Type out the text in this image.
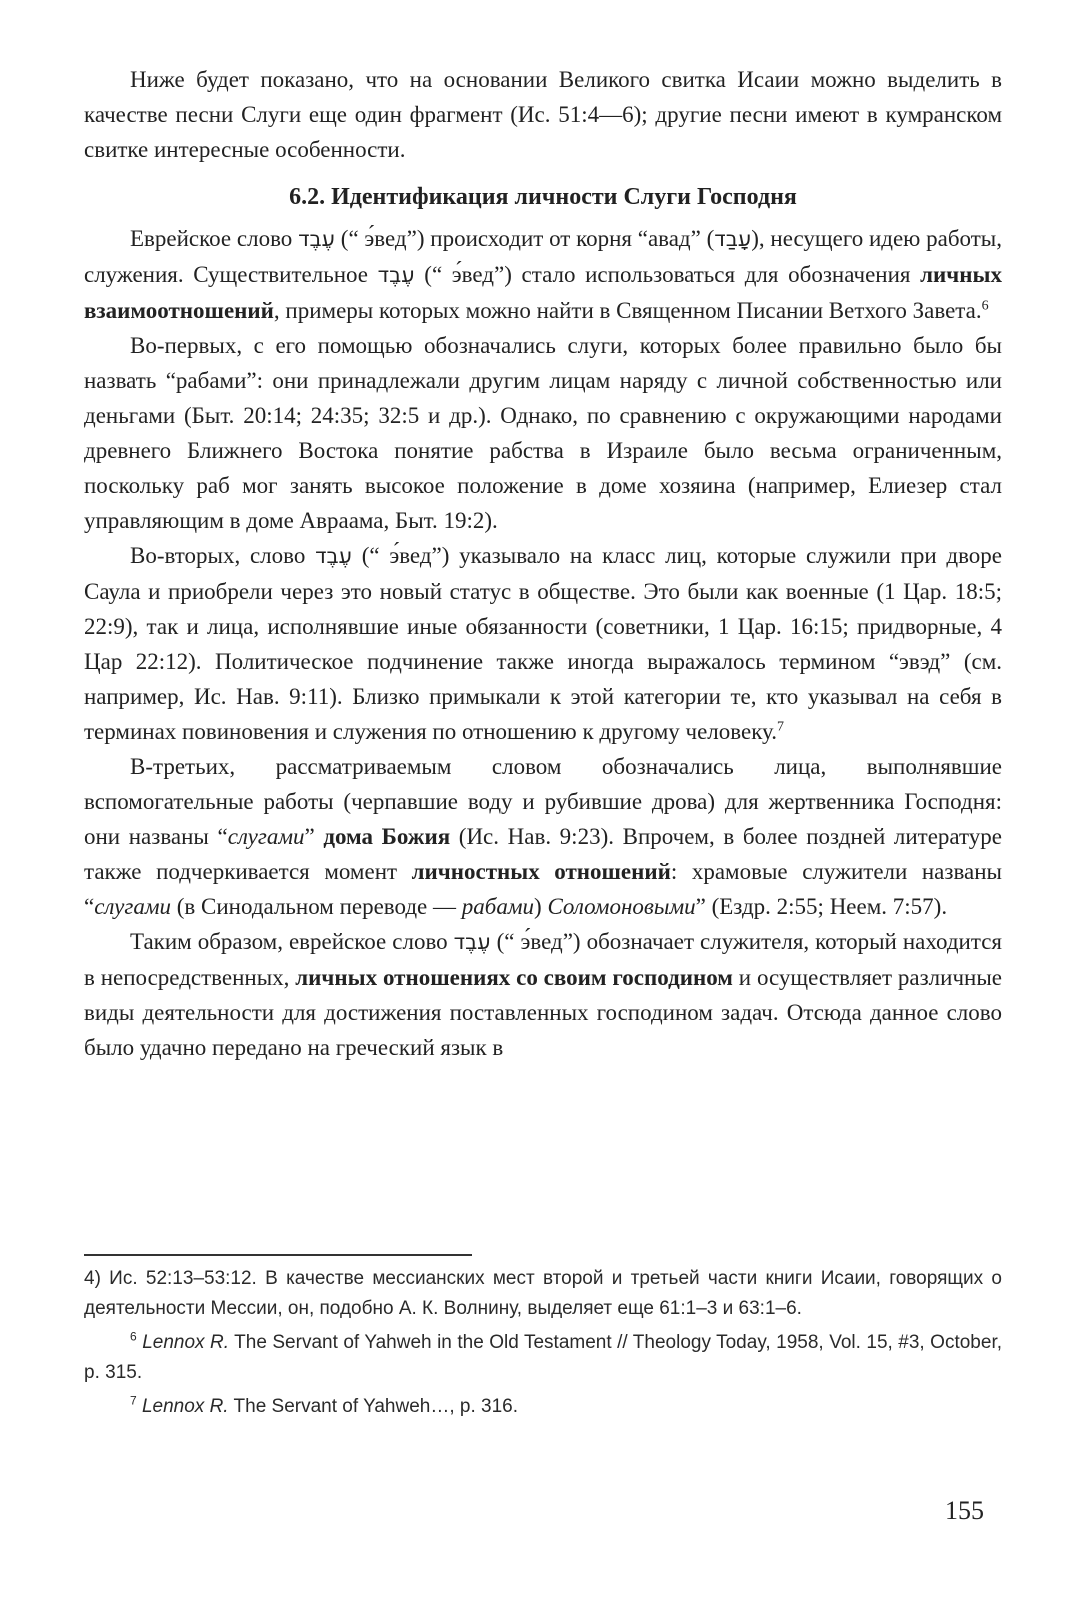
Ниже будет показано, что на основании Великого свитка Исаии можно выделить в качестве песни Слуги еще один фрагмент (Ис. 51:4—6); другие песни имеют в кумранском свитке интересные особенности.

6.2. Идентификация личности Слуги Господня

Еврейское слово עֶבֶד (“ э́вед”) происходит от корня “авад” (עָבַד), несущего идею работы, служения. Существительное עֶבֶד (“ э́вед”) стало использоваться для обозначения личных взаимоотношений, примеры которых можно найти в Священном Писании Ветхого Завета.$^6$

Во-первых, с его помощью обозначались слуги, которых более правильно было бы назвать “рабами”: они принадлежали другим лицам наряду с личной собственностью или деньгами (Быт. 20:14; 24:35; 32:5 и др.). Однако, по сравнению с окружающими народами древнего Ближнего Востока понятие рабства в Израиле было весьма ограниченным, поскольку раб мог занять высокое положение в доме хозяина (например, Елиезер стал управляющим в доме Авраама, Быт. 19:2).

Во-вторых, слово עֶבֶד (“ э́вед”) указывало на класс лиц, которые служили при дворе Саула и приобрели через это новый статус в обществе. Это были как военные (1 Цар. 18:5; 22:9), так и лица, исполнявшие иные обязанности (советники, 1 Цар. 16:15; придворные, 4 Цар 22:12). Политическое подчинение также иногда выражалось термином “эвэд” (см. например, Ис. Нав. 9:11). Близко примыкали к этой категории те, кто указывал на себя в терминах повиновения и служения по отношению к другому человеку.$^7$

В-третьих, рассматриваемым словом обозначались лица, выполнявшие вспомогательные работы (черпавшие воду и рубившие дрова) для жертвенника Господня: они названы “слугами” дома Божия (Ис. Нав. 9:23). Впрочем, в более поздней литературе также подчеркивается момент личностных отношений: храмовые служители названы “слугами (в Синодальном переводе — рабами) Соломоновыми” (Ездр. 2:55; Неем. 7:57).

Таким образом, еврейское слово עֶבֶד (“ э́вед”) обозначает служителя, который находится в непосредственных, личных отношениях со своим господином и осуществляет различные виды деятельности для достижения поставленных господином задач. Отсюда данное слово было удачно передано на греческий язык в

4) Ис. 52:13–53:12. В качестве мессианских мест второй и третьей части книги Исаии, говорящих о деятельности Мессии, он, подобно А. К. Волнину, выделяет еще 61:1–3 и 63:1–6.

$^6$ Lennox R. The Servant of Yahweh in the Old Testament // Theology Today, 1958, Vol. 15, #3, October, p. 315.

$^7$ Lennox R. The Servant of Yahweh…, p. 316.

155
